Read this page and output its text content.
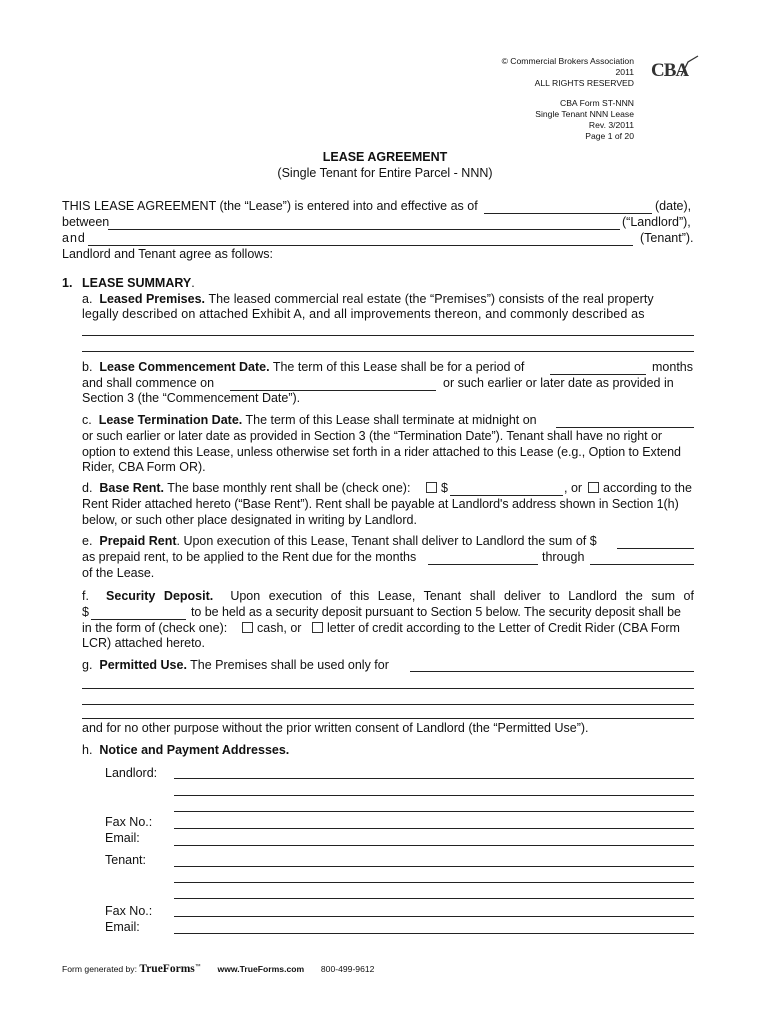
© Commercial Brokers Association
2011
ALL RIGHTS RESERVED
CBA
CBA Form ST-NNN
Single Tenant NNN Lease
Rev. 3/2011
Page 1 of 20
LEASE AGREEMENT
(Single Tenant for Entire Parcel - NNN)
THIS LEASE AGREEMENT (the “Lease”) is entered into and effective as of	(date),
between	(“Landlord”),
and	(Tenant”).
Landlord and Tenant agree as follows:
1. LEASE SUMMARY.
a. Leased Premises. The leased commercial real estate (the “Premises”) consists of the real property
legally described on attached Exhibit A, and all improvements thereon, and commonly described as
b. Lease Commencement Date. The term of this Lease shall be for a period of	months
and shall commence on	or such earlier or later date as provided in
Section 3 (the “Commencement Date”).
c. Lease Termination Date. The term of this Lease shall terminate at midnight on
or such earlier or later date as provided in Section 3 (the “Termination Date”). Tenant shall have no right or
option to extend this Lease, unless otherwise set forth in a rider attached to this Lease (e.g., Option to Extend
Rider, CBA Form OR).
d. Base Rent. The base monthly rent shall be (check one): $	, or according to the
Rent Rider attached hereto (“Base Rent”). Rent shall be payable at Landlord's address shown in Section 1(h)
below, or such other place designated in writing by Landlord.
e. Prepaid Rent. Upon execution of this Lease, Tenant shall deliver to Landlord the sum of $
as prepaid rent, to be applied to the Rent due for the months	through
of the Lease.
f. Security Deposit. Upon execution of this Lease, Tenant shall deliver to Landlord the sum of
$	to be held as a security deposit pursuant to Section 5 below. The security deposit shall be
in the form of (check one): cash, or letter of credit according to the Letter of Credit Rider (CBA Form
LCR) attached hereto.
g. Permitted Use. The Premises shall be used only for
and for no other purpose without the prior written consent of Landlord (the “Permitted Use”).
h. Notice and Payment Addresses.
Landlord:
Fax No.:
Email:
Tenant:
Fax No.:
Email:
Form generated by: TrueForms™ www.TrueForms.com 800-499-9612
